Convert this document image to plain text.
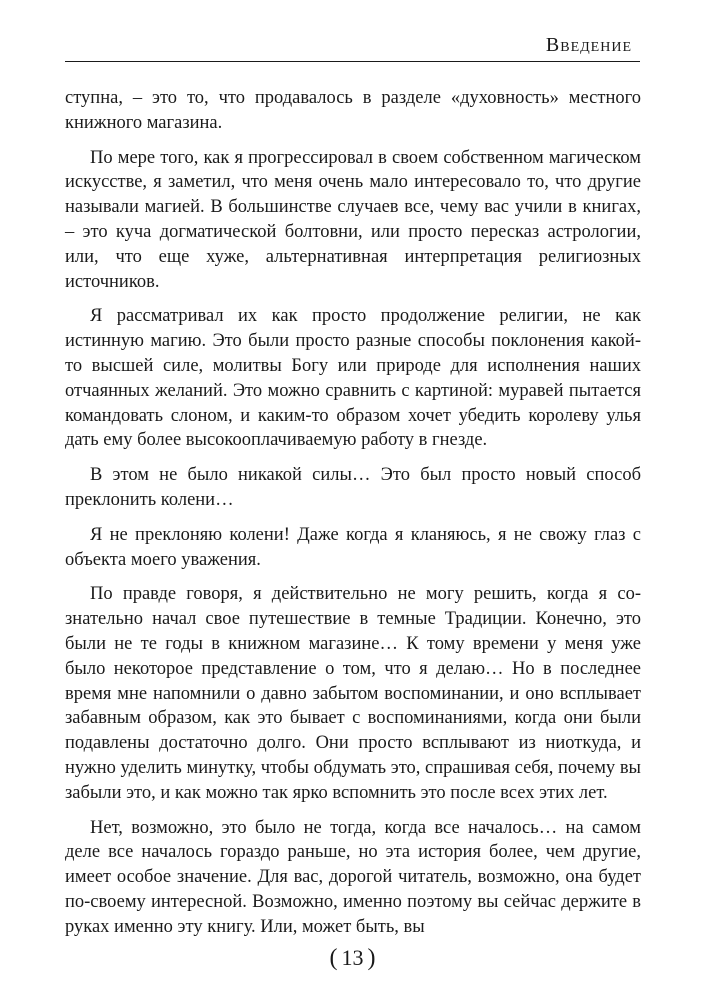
Введение

ступна, – это то, что продавалось в разделе «духовность» местного книжного магазина.

По мере того, как я прогрессировал в своем собственном магическом искусстве, я заметил, что меня очень мало интересовало то, что другие называли магией. В большинстве случаев все, чему вас учили в книгах, – это куча догматической болтовни, или просто пересказ астрологии, или, что еще хуже, альтернативная интерпретация религиозных источников.

Я рассматривал их как просто продолжение религии, не как истинную магию. Это были просто разные способы поклонения какой-то высшей силе, молитвы Богу или природе для исполнения наших отчаянных желаний. Это можно сравнить с картиной: муравей пытается командовать слоном, и каким-то образом хочет убедить королеву улья дать ему более высокооплачиваемую работу в гнезде.

В этом не было никакой силы… Это был просто новый способ преклонить колени…

Я не преклоняю колени! Даже когда я кланяюсь, я не свожу глаз с объекта моего уважения.

По правде говоря, я действительно не могу решить, когда я сознательно начал свое путешествие в темные Традиции. Конечно, это были не те годы в книжном магазине… К тому времени у меня уже было некоторое представление о том, что я делаю… Но в последнее время мне напомнили о давно забытом воспоминании, и оно всплывает забавным образом, как это бывает с воспоминаниями, когда они были подавлены достаточно долго. Они просто всплывают из ниоткуда, и нужно уделить минутку, чтобы обдумать это, спрашивая себя, почему вы забыли это, и как можно так ярко вспомнить это после всех этих лет.

Нет, возможно, это было не тогда, когда все началось… на самом деле все началось гораздо раньше, но эта история более, чем другие, имеет особое значение. Для вас, дорогой читатель, возможно, она будет по-своему интересной. Возможно, именно поэтому вы сейчас держите в руках именно эту книгу. Или, может быть, вы

( 13 )
